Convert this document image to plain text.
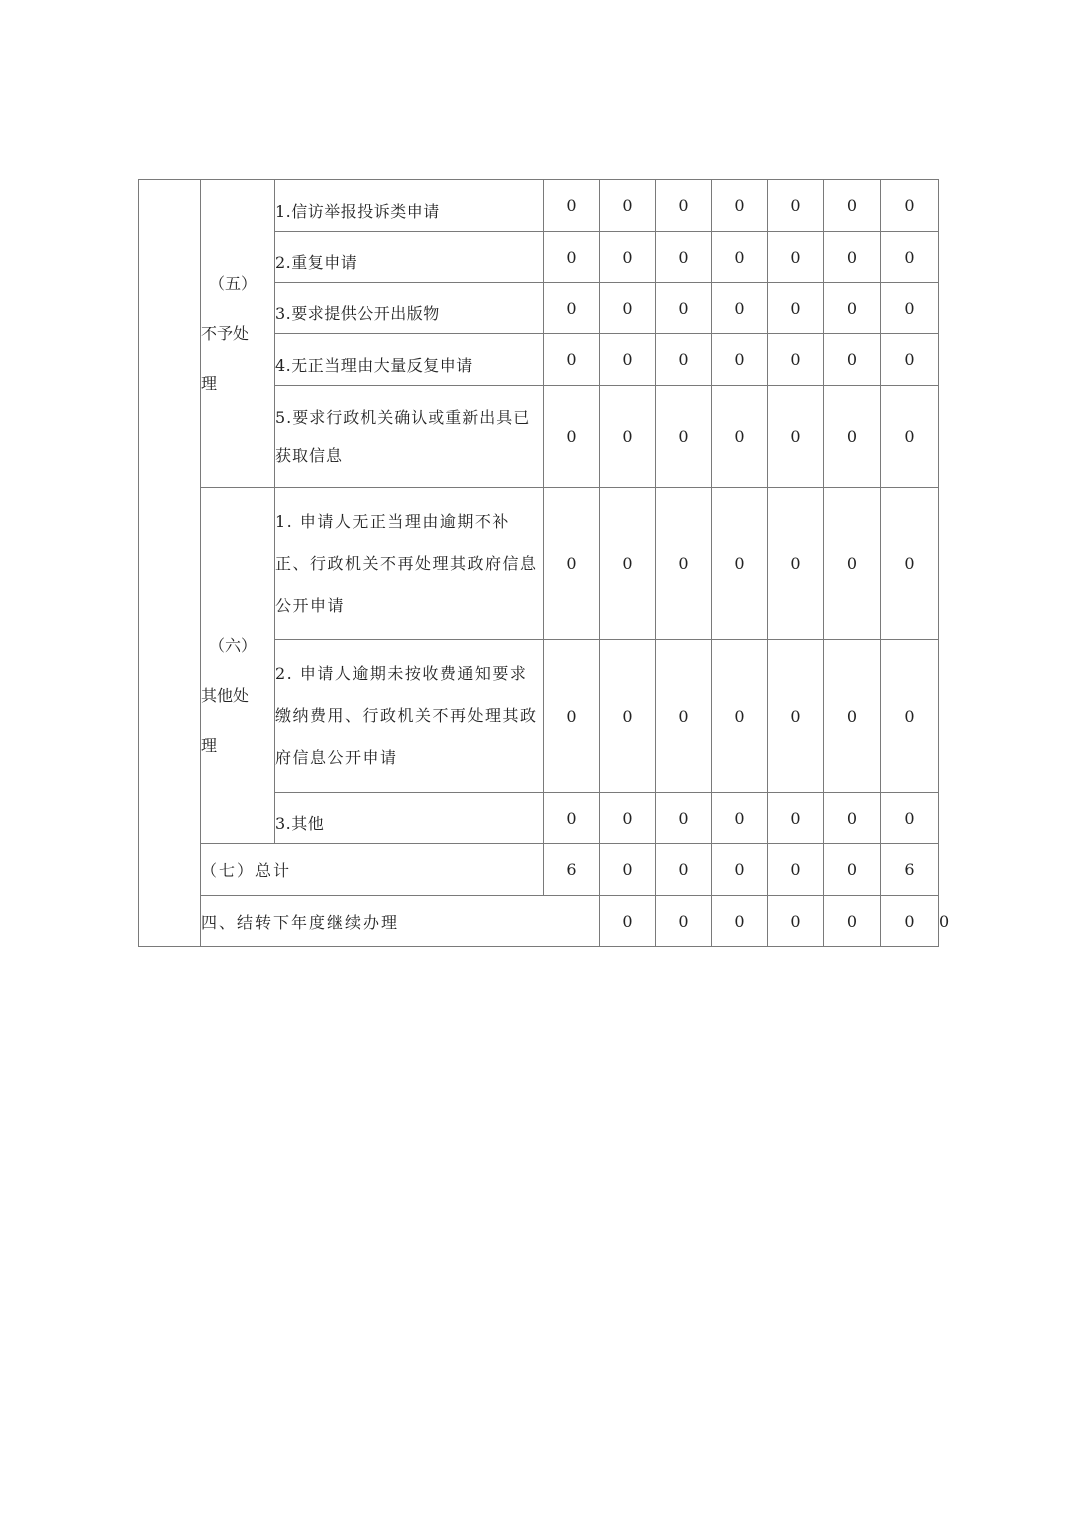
	（五）
不予处
理	1.信访举报投诉类申请	0	0	0	0	0	0	0	
		2.重复申请	0	0	0	0	0	0	0	
		3.要求提供公开出版物	0	0	0	0	0	0	0	
		4.无正当理由大量反复申请	0	0	0	0	0	0	0	
		5.要求行政机关确认或重新出具已获取信息	0	0	0	0	0	0	0	

	（六）
其他处
理	1. 申请人无正当理由逾期不补正、行政机关不再处理其政府信息公开申请	0	0	0	0	0	0	0	
		2. 申请人逾期未按收费通知要求缴纳费用、行政机关不再处理其政府信息公开申请	0	0	0	0	0	0	0	
		3.其他	0	0	0	0	0	0	0	
	（七）总计		6	0	0	0	0	0	6	
	四、结转下年度继续办理			0	0	0	0	0	0	0
